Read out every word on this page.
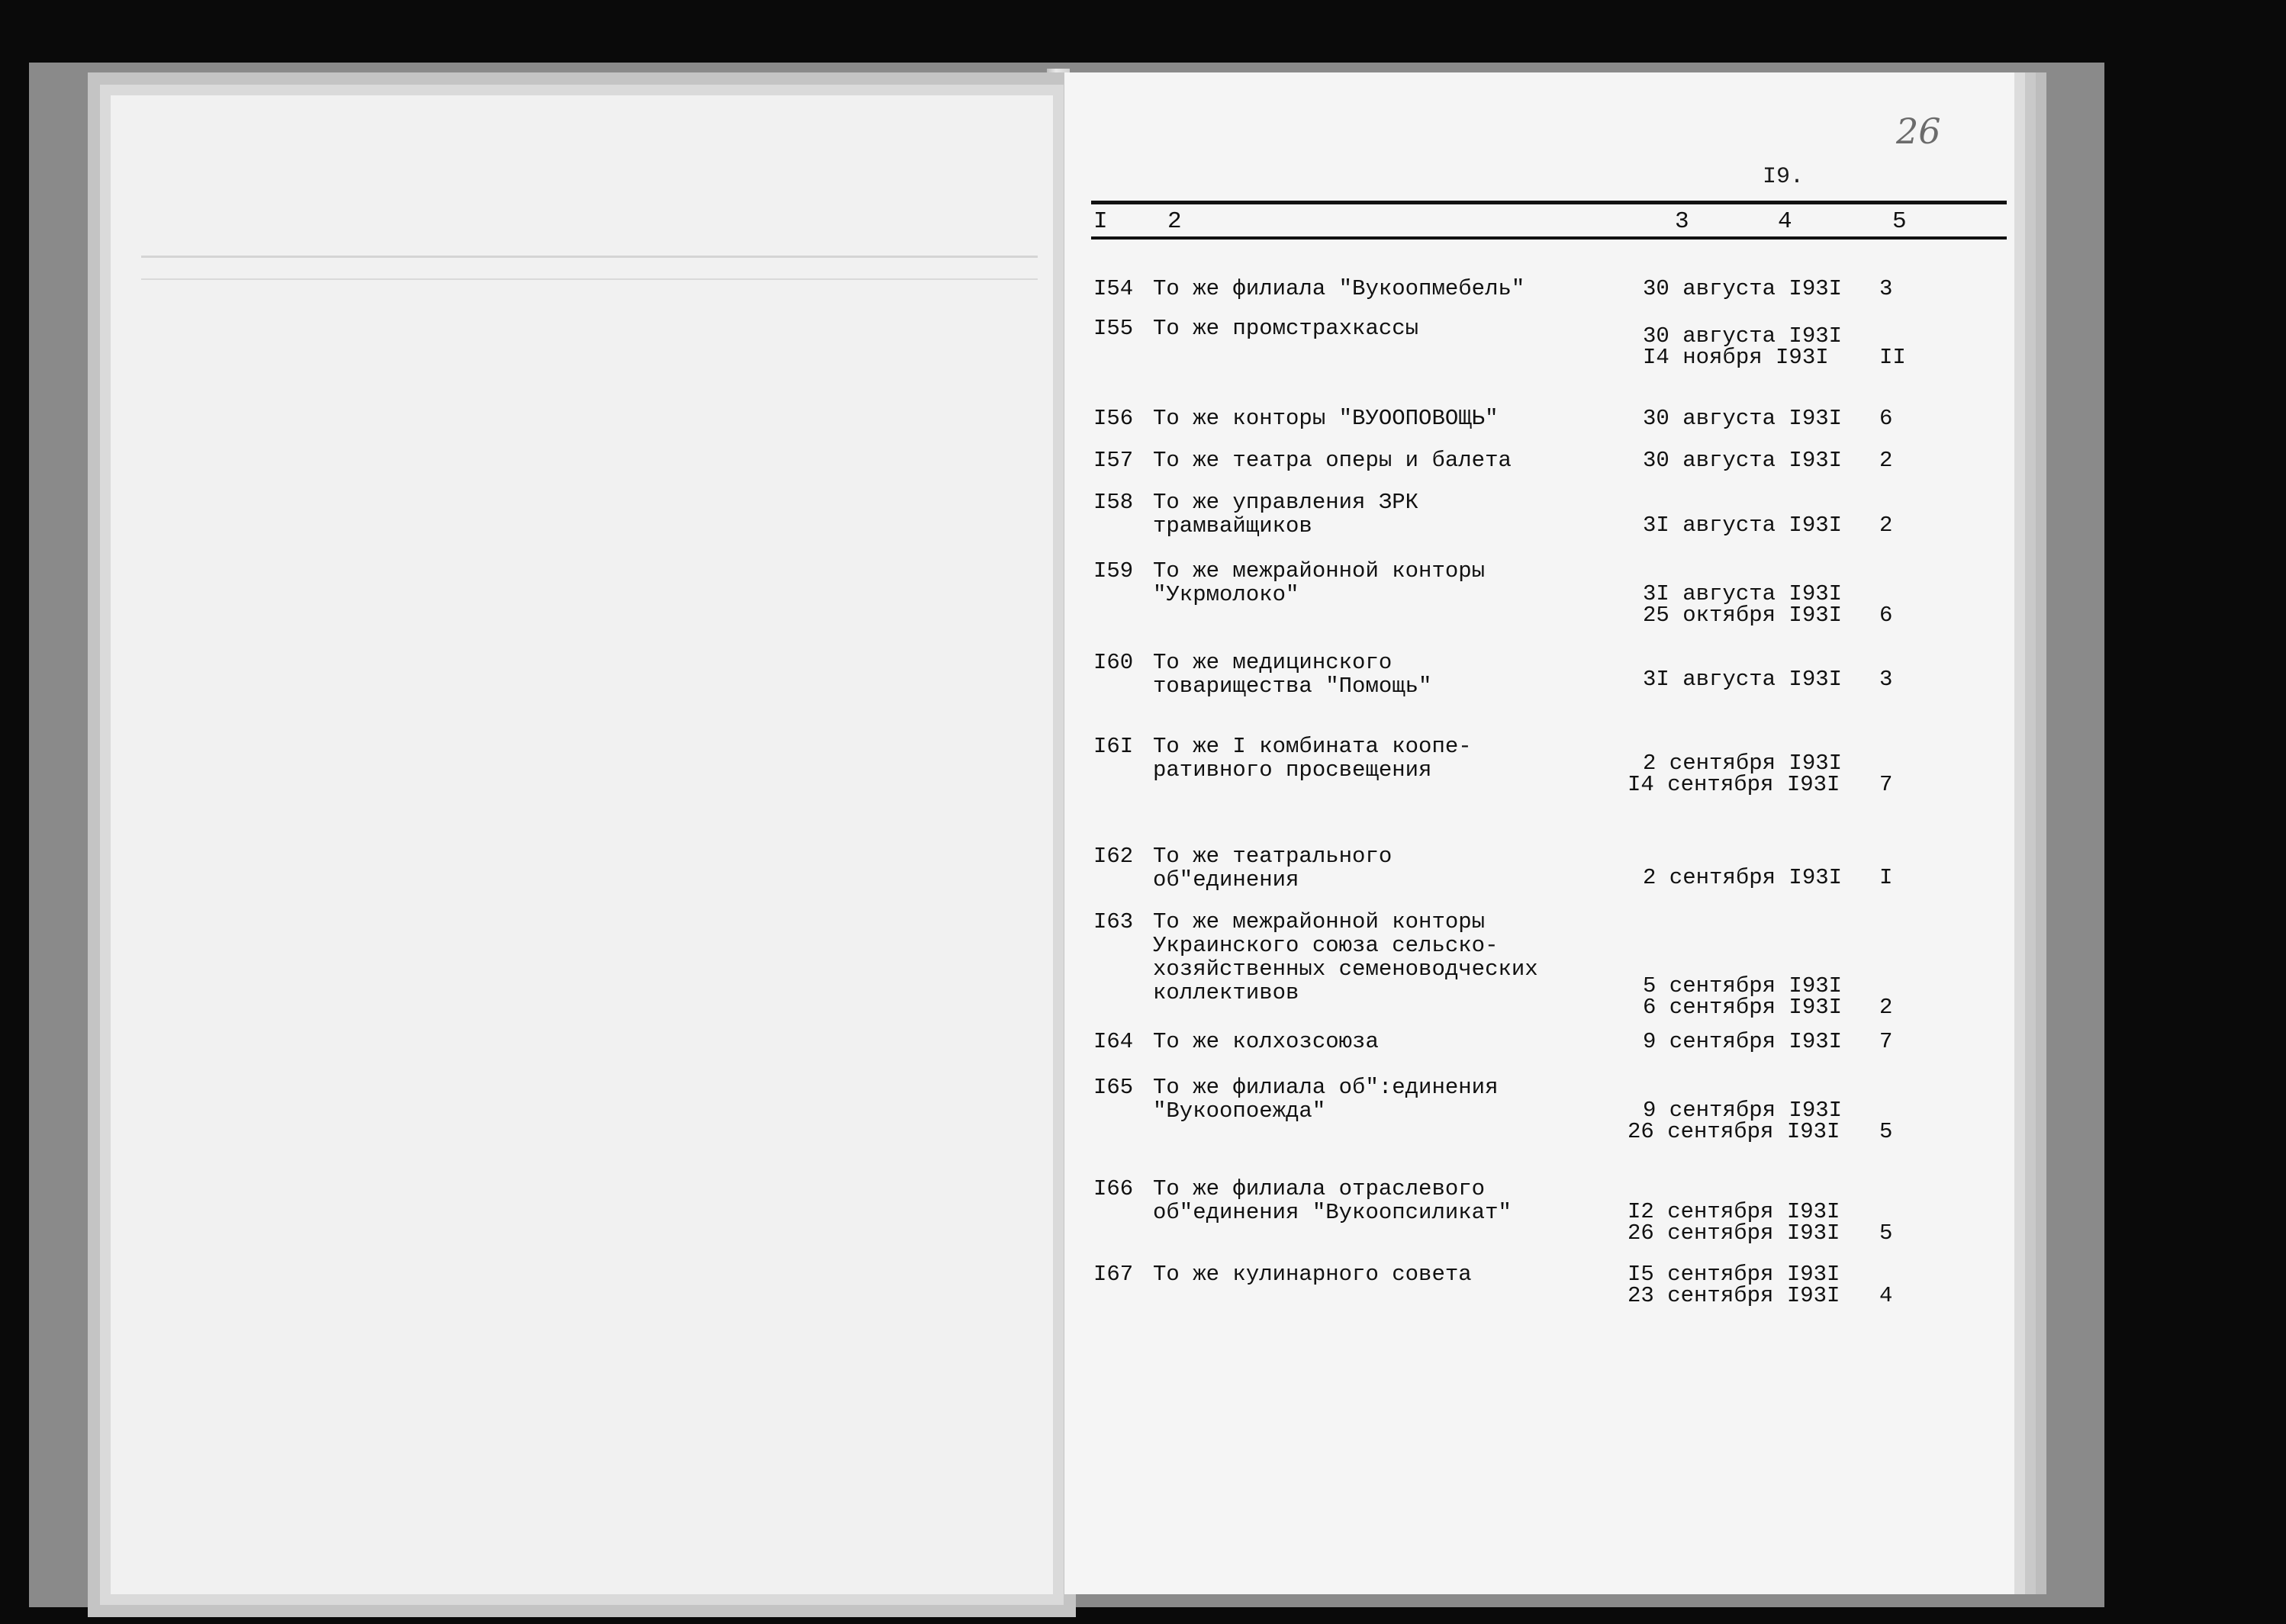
26
I9.
I	2	3	4	5
I54 То же филиала "Вукоопмебель"	30 августа I93I 3
I55 То же промстрахкассы	30 августа I93I
I4 ноября I93I II
I56 То же конторы "ВУООПОВОЩЬ"	30 августа I93I 6
I57 То же театра оперы и балета	30 августа I93I 2
I58 То же управления ЗРК
трамвайщиков	3I августа I93I 2
I59 То же межрайонной конторы
"Укрмолоко"	3I августа I93I
25 октября I93I 6
I60 То же медицинского
товарищества "Помощь"	3I августа I93I 3
I6I То же I комбината коопе-
ративного просвещения	2 сентября I93I
I4 сентября I93I 7
I62 То же театрального
об"единения	2 сентября I93I I
I63 То же межрайонной конторы
Украинского союза сельско-
хозяйственных семеноводческих
коллективов	5 сентября I93I
6 сентября I93I 2
I64 То же колхозсоюза	9 сентября I93I 7
I65 То же филиала об":единения
"Вукоопоежда"	9 сентября I93I
26 сентября I93I 5
I66 То же филиала отраслевого
об"единения "Вукоопсиликат"	I2 сентября I93I
26 сентября I93I 5
I67 То же кулинарного совета	I5 сентября I93I
23 сентября I93I 4
